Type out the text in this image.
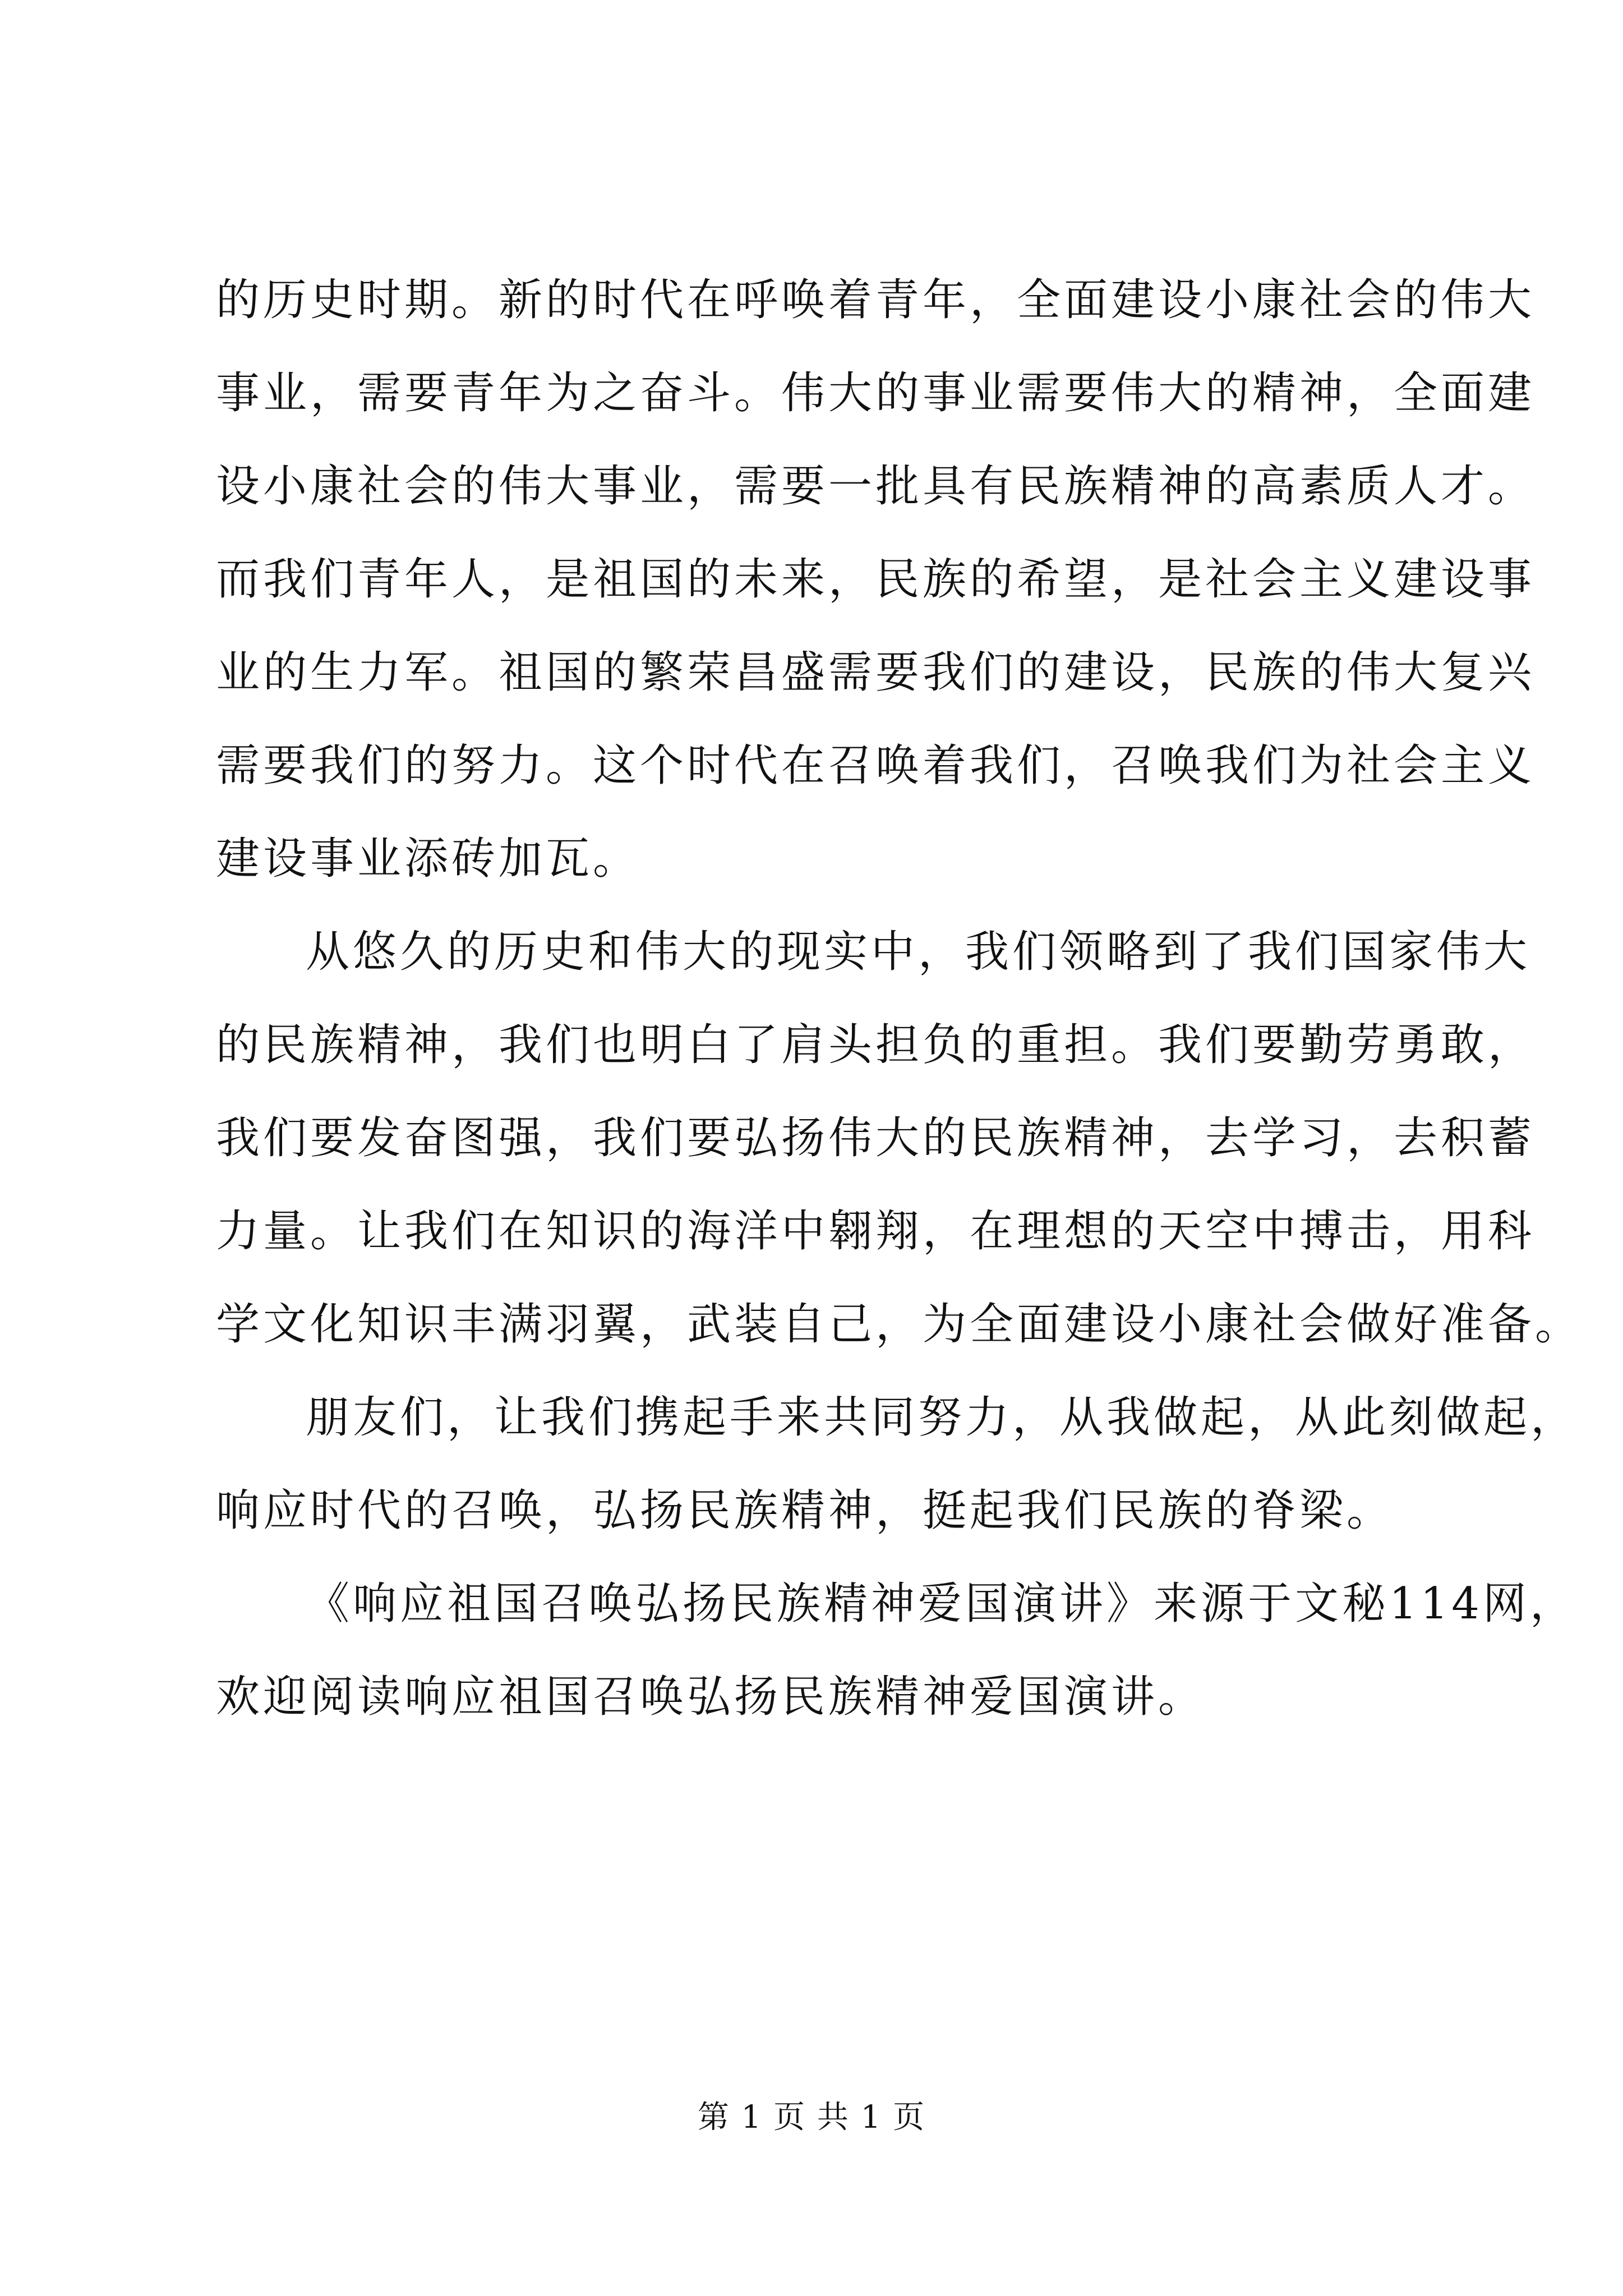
的历史时期。新的时代在呼唤着青年，全面建设小康社会的伟大
事业，需要青年为之奋斗。伟大的事业需要伟大的精神，全面建
设小康社会的伟大事业，需要一批具有民族精神的高素质人才。
而我们青年人，是祖国的未来，民族的希望，是社会主义建设事
业的生力军。祖国的繁荣昌盛需要我们的建设，民族的伟大复兴
需要我们的努力。这个时代在召唤着我们，召唤我们为社会主义
建设事业添砖加瓦。
从悠久的历史和伟大的现实中，我们领略到了我们国家伟大
的民族精神，我们也明白了肩头担负的重担。我们要勤劳勇敢，
我们要发奋图强，我们要弘扬伟大的民族精神，去学习，去积蓄
力量。让我们在知识的海洋中翱翔，在理想的天空中搏击，用科
学文化知识丰满羽翼，武装自己，为全面建设小康社会做好准备。
朋友们，让我们携起手来共同努力，从我做起，从此刻做起，
响应时代的召唤，弘扬民族精神，挺起我们民族的脊梁。
《响应祖国召唤弘扬民族精神爱国演讲》来源于文秘114网，
欢迎阅读响应祖国召唤弘扬民族精神爱国演讲。
第 1 页 共 1 页
